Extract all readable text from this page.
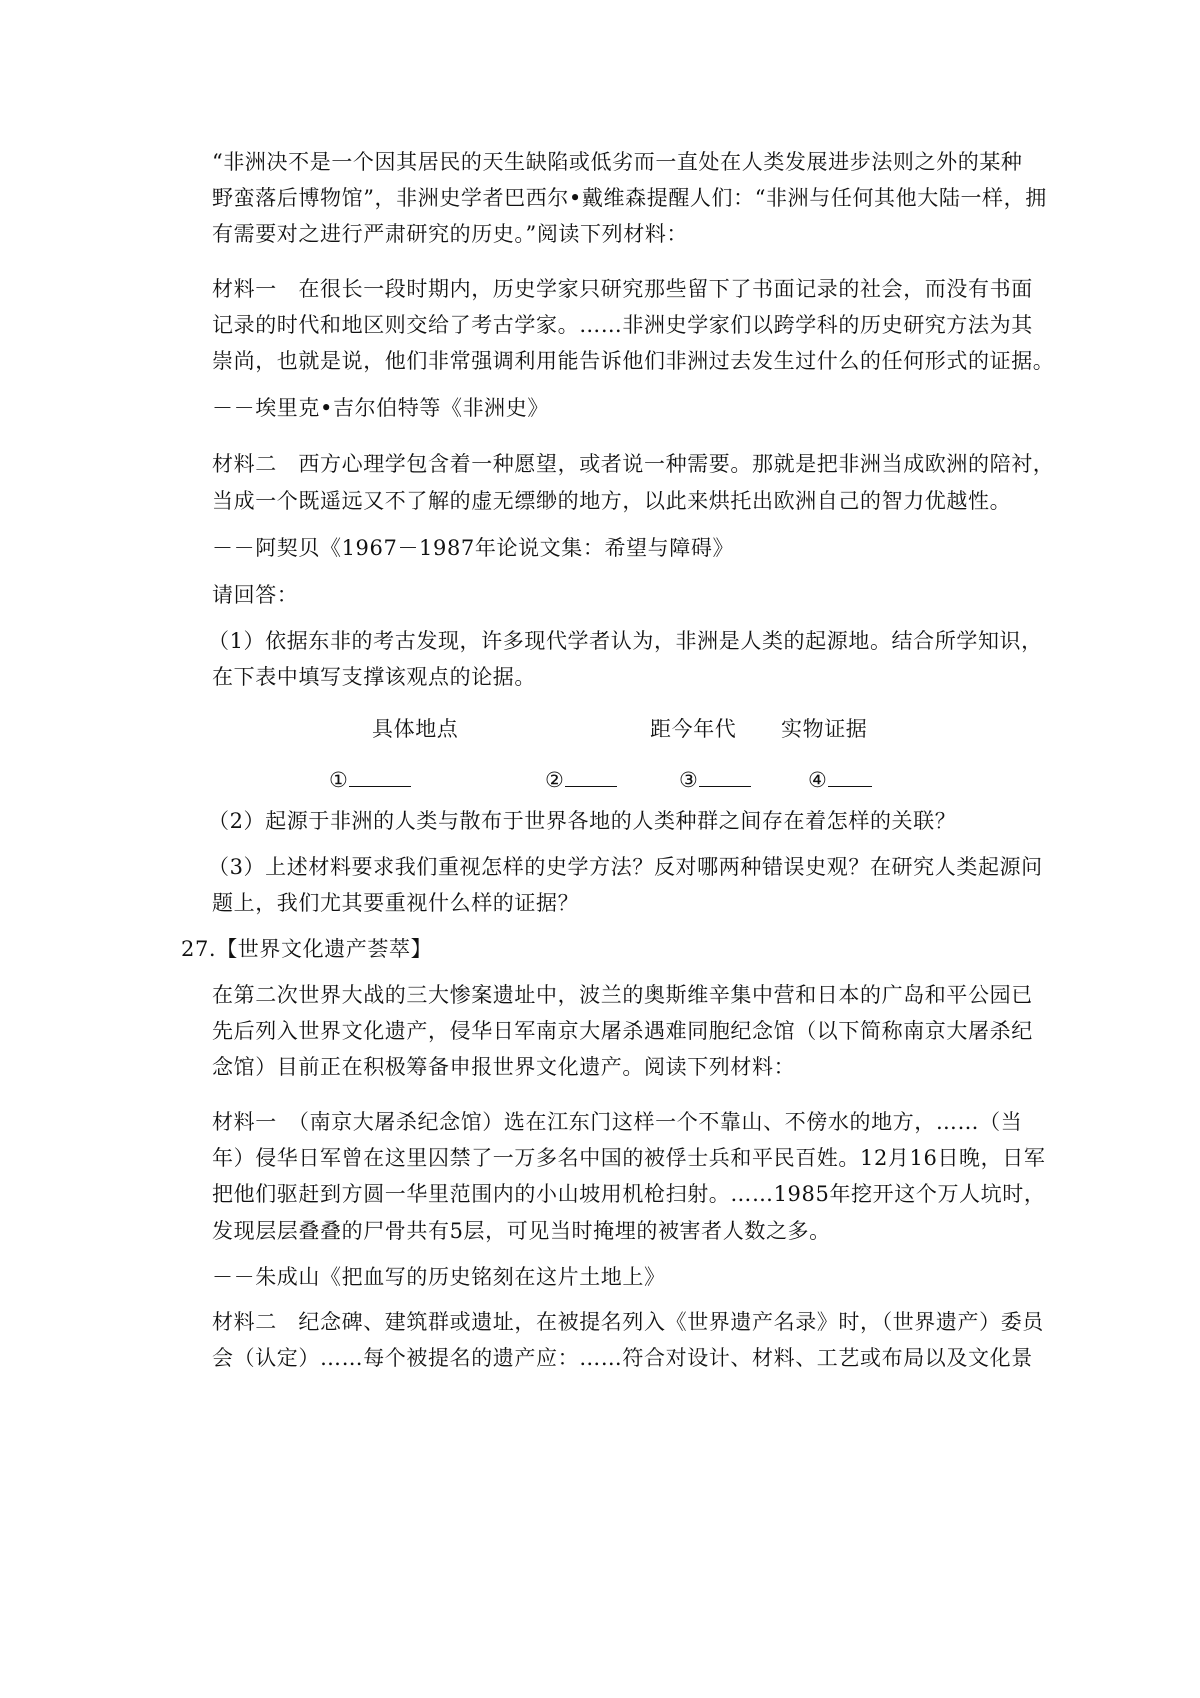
“非洲决不是一个因其居民的天生缺陷或低劣而一直处在人类发展进步法则之外的某种
野蛮落后博物馆”，非洲史学者巴西尔•戴维森提醒人们：“非洲与任何其他大陆一样，拥
有需要对之进行严肃研究的历史。”阅读下列材料：
材料一　在很长一段时期内，历史学家只研究那些留下了书面记录的社会，而没有书面
记录的时代和地区则交给了考古学家。……非洲史学家们以跨学科的历史研究方法为其
崇尚，也就是说，他们非常强调利用能告诉他们非洲过去发生过什么的任何形式的证据。
－－埃里克•吉尔伯特等《非洲史》
材料二　西方心理学包含着一种愿望，或者说一种需要。那就是把非洲当成欧洲的陪衬，
当成一个既遥远又不了解的虚无缥缈的地方，以此来烘托出欧洲自己的智力优越性。
－－阿契贝《1967－1987年论说文集：希望与障碍》
请回答：
（1）依据东非的考古发现，许多现代学者认为，非洲是人类的起源地。结合所学知识，
在下表中填写支撑该观点的论据。
具体地点	距今年代 实物证据
①	②	③	④
（2）起源于非洲的人类与散布于世界各地的人类种群之间存在着怎样的关联？
（3）上述材料要求我们重视怎样的史学方法？反对哪两种错误史观？在研究人类起源问
题上，我们尤其要重视什么样的证据？
27.【世界文化遗产荟萃】
在第二次世界大战的三大惨案遗址中，波兰的奥斯维辛集中营和日本的广岛和平公园已
先后列入世界文化遗产，侵华日军南京大屠杀遇难同胞纪念馆（以下简称南京大屠杀纪
念馆）目前正在积极筹备申报世界文化遗产。阅读下列材料：
材料一　（南京大屠杀纪念馆）选在江东门这样一个不靠山、不傍水的地方，……（当
年）侵华日军曾在这里囚禁了一万多名中国的被俘士兵和平民百姓。12月16日晚，日军
把他们驱赶到方圆一华里范围内的小山坡用机枪扫射。……1985年挖开这个万人坑时，
发现层层叠叠的尸骨共有5层，可见当时掩埋的被害者人数之多。
－－朱成山《把血写的历史铭刻在这片土地上》
材料二　纪念碑、建筑群或遗址，在被提名列入《世界遗产名录》时，（世界遗产）委员
会（认定）……每个被提名的遗产应：……符合对设计、材料、工艺或布局以及文化景
